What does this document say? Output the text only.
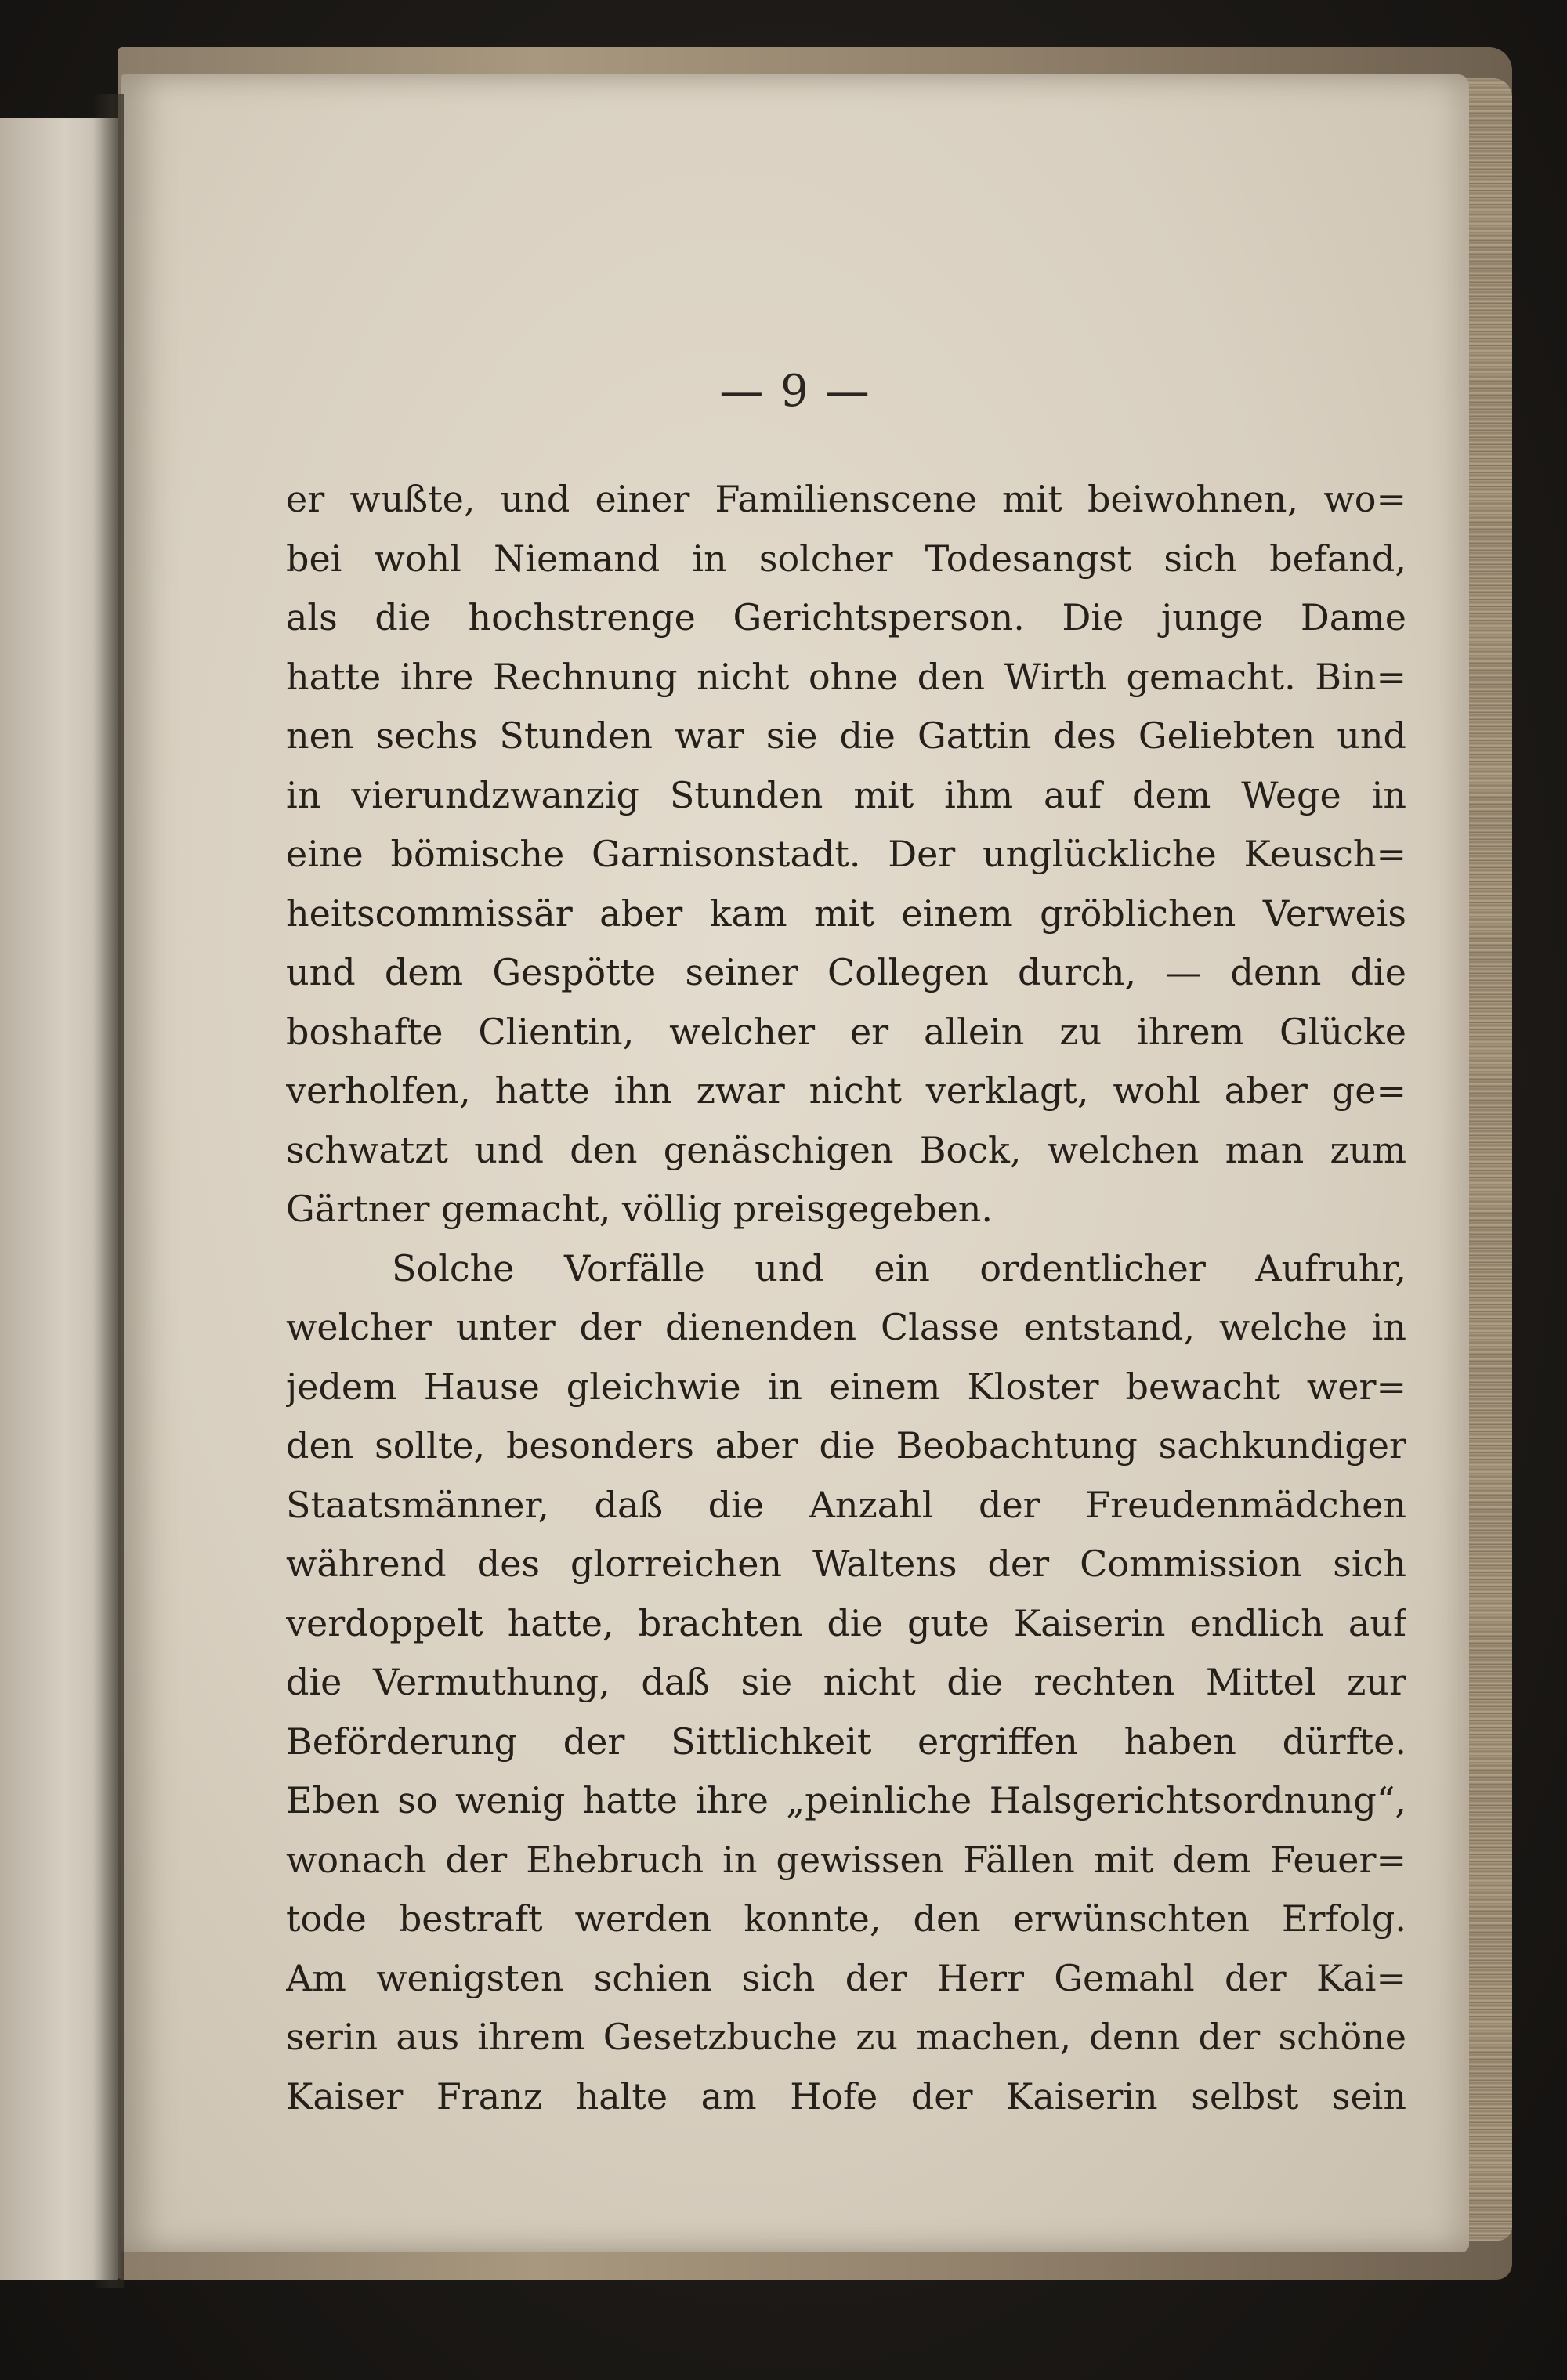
— 9 —
er wußte, und einer Familienscene mit beiwohnen, wo=
bei wohl Niemand in solcher Todesangst sich befand,
als die hochstrenge Gerichtsperson. Die junge Dame
hatte ihre Rechnung nicht ohne den Wirth gemacht. Bin=
nen sechs Stunden war sie die Gattin des Geliebten und
in vierundzwanzig Stunden mit ihm auf dem Wege in
eine bömische Garnisonstadt. Der unglückliche Keusch=
heitscommissär aber kam mit einem gröblichen Verweis
und dem Gespötte seiner Collegen durch, — denn die
boshafte Clientin, welcher er allein zu ihrem Glücke
verholfen, hatte ihn zwar nicht verklagt, wohl aber ge=
schwatzt und den genäschigen Bock, welchen man zum
Gärtner gemacht, völlig preisgegeben.
Solche Vorfälle und ein ordentlicher Aufruhr,
welcher unter der dienenden Classe entstand, welche in
jedem Hause gleichwie in einem Kloster bewacht wer=
den sollte, besonders aber die Beobachtung sachkundiger
Staatsmänner, daß die Anzahl der Freudenmädchen
während des glorreichen Waltens der Commission sich
verdoppelt hatte, brachten die gute Kaiserin endlich auf
die Vermuthung, daß sie nicht die rechten Mittel zur
Beförderung der Sittlichkeit ergriffen haben dürfte.
Eben so wenig hatte ihre „peinliche Halsgerichtsordnung“,
wonach der Ehebruch in gewissen Fällen mit dem Feuer=
tode bestraft werden konnte, den erwünschten Erfolg.
Am wenigsten schien sich der Herr Gemahl der Kai=
serin aus ihrem Gesetzbuche zu machen, denn der schöne
Kaiser Franz halte am Hofe der Kaiserin selbst sein
